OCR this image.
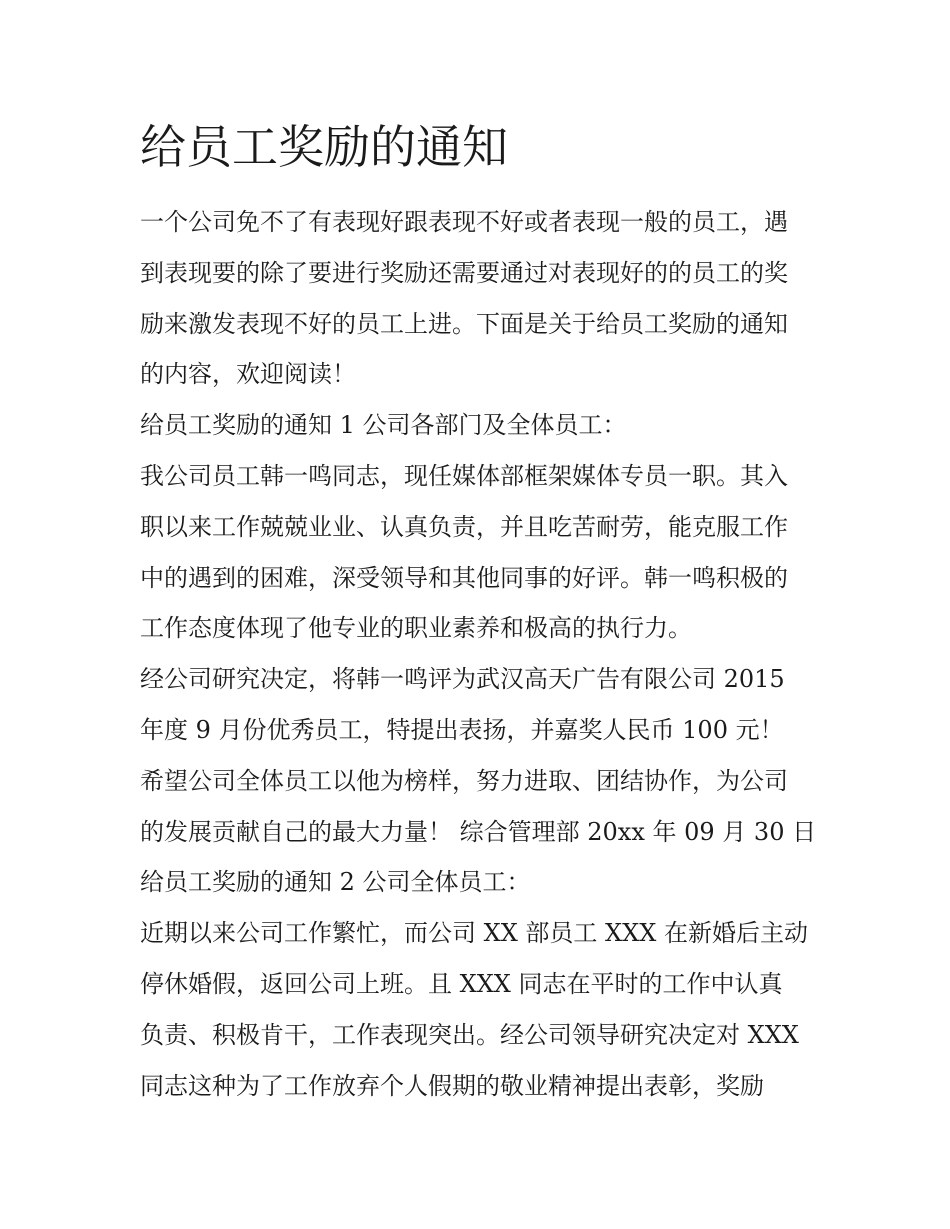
给员工奖励的通知
一个公司免不了有表现好跟表现不好或者表现一般的员工，遇
到表现要的除了要进行奖励还需要通过对表现好的的员工的奖
励来激发表现不好的员工上进。下面是关于给员工奖励的通知
的内容，欢迎阅读！
给员工奖励的通知 1 公司各部门及全体员工：
我公司员工韩一鸣同志，现任媒体部框架媒体专员一职。其入
职以来工作兢兢业业、认真负责，并且吃苦耐劳，能克服工作
中的遇到的困难，深受领导和其他同事的好评。韩一鸣积极的
工作态度体现了他专业的职业素养和极高的执行力。
经公司研究决定，将韩一鸣评为武汉高天广告有限公司 2015
年度 9 月份优秀员工，特提出表扬，并嘉奖人民币 100 元！
希望公司全体员工以他为榜样，努力进取、团结协作，为公司
的发展贡献自己的最大力量！ 综合管理部 20xx 年 09 月 30 日
给员工奖励的通知 2 公司全体员工：
近期以来公司工作繁忙，而公司 XX 部员工 XXX 在新婚后主动
停休婚假，返回公司上班。且 XXX 同志在平时的工作中认真
负责、积极肯干，工作表现突出。经公司领导研究决定对 XXX
同志这种为了工作放弃个人假期的敬业精神提出表彰，奖励
